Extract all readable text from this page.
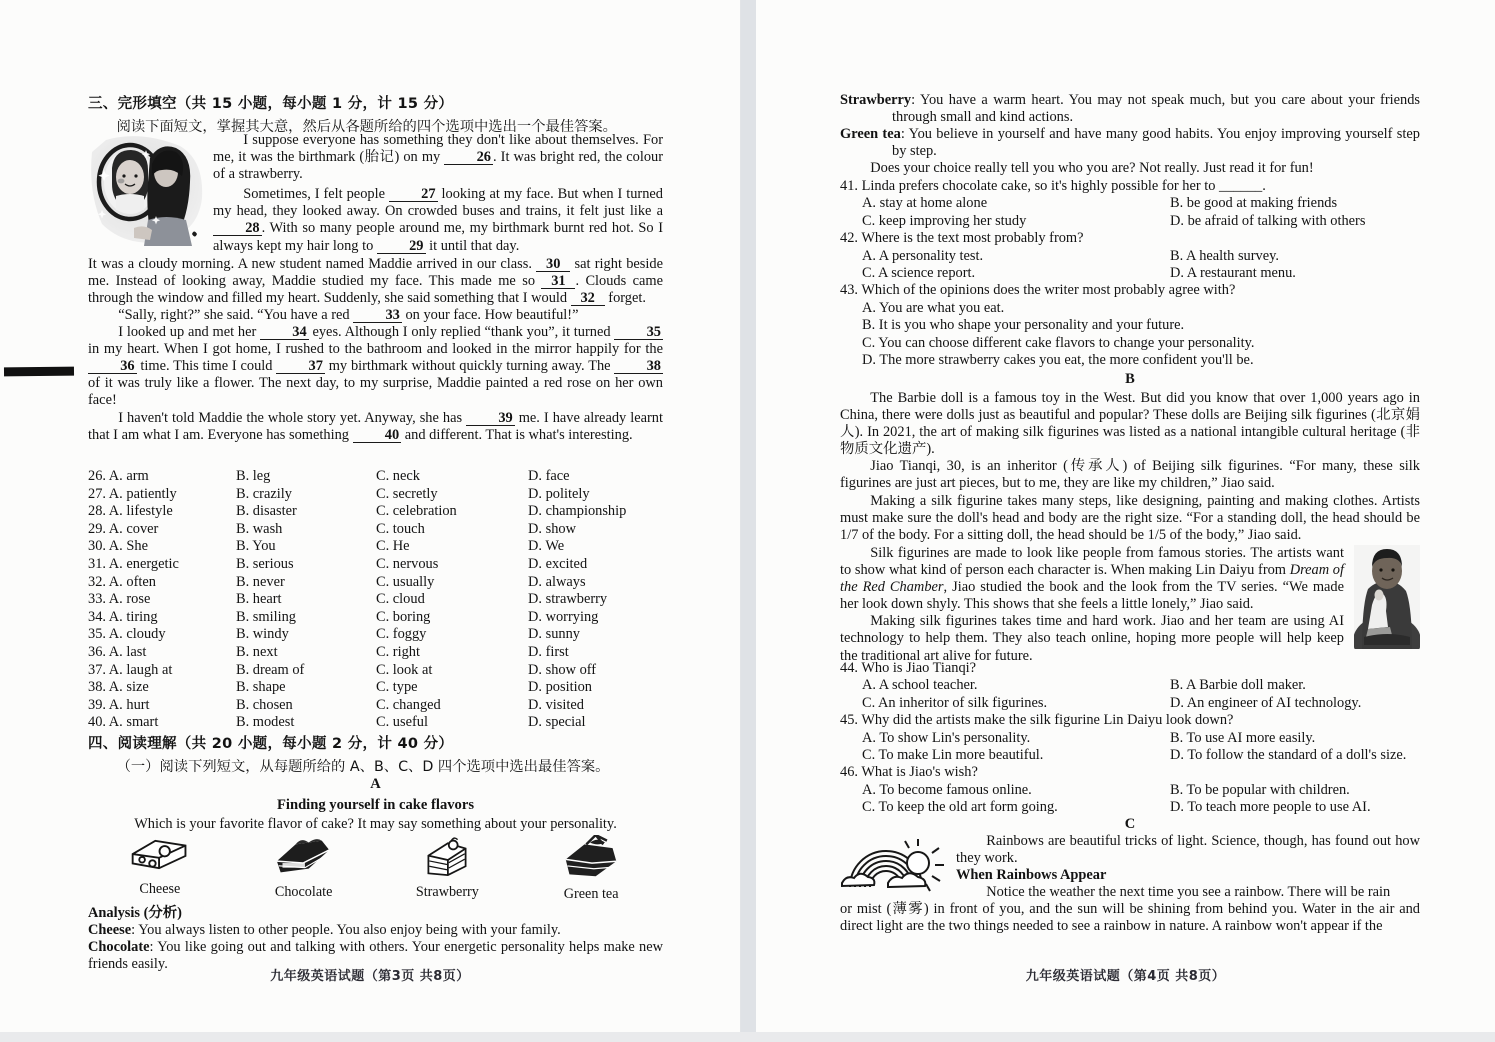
三、完形填空（共 15 小题，每小题 1 分，计 15 分）

阅读下面短文，掌握其大意，然后从各题所给的四个选项中选出一个最佳答案。

I suppose everyone has something they don't like about themselves. For me, it was the birthmark (胎记) on my 26 . It was bright red, the colour of a strawberry.

Sometimes, I felt people 27 looking at my face. But when I turned my head, they looked away. On crowded buses and trains, it felt just like a 28 . With so many people around me, my birthmark burnt red hot. So I always kept my hair long to 29 it until that day.

It was a cloudy morning. A new student named Maddie arrived in our class. 30 sat right beside me. Instead of looking away, Maddie studied my face. This made me so 31 . Clouds came through the window and filled my heart. Suddenly, she said something that I would 32 forget.

“Sally, right?” she said. “You have a red 33 on your face. How beautiful!”

I looked up and met her 34 eyes. Although I only replied “thank you”, it turned 35 in my heart. When I got home, I rushed to the bathroom and looked in the mirror happily for the 36 time. This time I could 37 my birthmark without quickly turning away. The 38 of it was truly like a flower. The next day, to my surprise, Maddie painted a red rose on her own face!

I haven't told Maddie the whole story yet. Anyway, she has 39 me. I have already learnt that I am what I am. Everyone has something 40 and different. That is what's interesting.

26. A. arm	B. leg	C. neck	D. face
27. A. patiently	B. crazily	C. secretly	D. politely
28. A. lifestyle	B. disaster	C. celebration	D. championship
29. A. cover	B. wash	C. touch	D. show
30. A. She	B. You	C. He	D. We
31. A. energetic	B. serious	C. nervous	D. excited
32. A. often	B. never	C. usually	D. always
33. A. rose	B. heart	C. cloud	D. strawberry
34. A. tiring	B. smiling	C. boring	D. worrying
35. A. cloudy	B. windy	C. foggy	D. sunny
36. A. last	B. next	C. right	D. first
37. A. laugh at	B. dream of	C. look at	D. show off
38. A. size	B. shape	C. type	D. position
39. A. hurt	B. chosen	C. changed	D. visited
40. A. smart	B. modest	C. useful	D. special

四、阅读理解（共 20 小题，每小题 2 分，计 40 分）

（一）阅读下列短文，从每题所给的 A、B、C、D 四个选项中选出最佳答案。

A

Finding yourself in cake flavors

Which is your favorite flavor of cake? It may say something about your personality.

Cheese	Chocolate	Strawberry	Green tea

Analysis (分析)

Cheese: You always listen to other people. You also enjoy being with your family.

Chocolate: You like going out and talking with others. Your energetic personality helps make new friends easily.

九年级英语试题（第3页 共8页）

Strawberry: You have a warm heart. You may not speak much, but you care about your friends through small and kind actions.

Green tea: You believe in yourself and have many good habits. You enjoy improving yourself step by step.

Does your choice really tell you who you are? Not really. Just read it for fun!

41. Linda prefers chocolate cake, so it's highly possible for her to ______.

A. stay at home alone	B. be good at making friends
C. keep improving her study	D. be afraid of talking with others

42. Where is the text most probably from?

A. A personality test.	B. A health survey.
C. A science report.	D. A restaurant menu.

43. Which of the opinions does the writer most probably agree with?

A. You are what you eat.
B. It is you who shape your personality and your future.
C. You can choose different cake flavors to change your personality.
D. The more strawberry cakes you eat, the more confident you'll be.

B

The Barbie doll is a famous toy in the West. But did you know that over 1,000 years ago in China, there were dolls just as beautiful and popular? These dolls are Beijing silk figurines (北京娟人). In 2021, the art of making silk figurines was listed as a national intangible cultural heritage (非物质文化遗产).

Jiao Tianqi, 30, is an inheritor (传承人) of Beijing silk figurines. “For many, these silk figurines are just art pieces, but to me, they are like my children,” Jiao said.

Making a silk figurine takes many steps, like designing, painting and making clothes. Artists must make sure the doll's head and body are the right size. “For a standing doll, the head should be 1/7 of the body. For a sitting doll, the head should be 1/5 of the body,” Jiao said.

Silk figurines are made to look like people from famous stories. The artists want to show what kind of person each character is. When making Lin Daiyu from Dream of the Red Chamber, Jiao studied the book and the look from the TV series. “We made her look down shyly. This shows that she feels a little lonely,” Jiao said.

Making silk figurines takes time and hard work. Jiao and her team are using AI technology to help them. They also teach online, hoping more people will help keep the traditional art alive for future.

44. Who is Jiao Tianqi?

A. A school teacher.	B. A Barbie doll maker.
C. An inheritor of silk figurines.	D. An engineer of AI technology.

45. Why did the artists make the silk figurine Lin Daiyu look down?

A. To show Lin's personality.	B. To use AI more easily.
C. To make Lin more beautiful.	D. To follow the standard of a doll's size.

46. What is Jiao's wish?

A. To become famous online.	B. To be popular with children.
C. To keep the old art form going.	D. To teach more people to use AI.

C

Rainbows are beautiful tricks of light. Science, though, has found out how they work.

When Rainbows Appear

Notice the weather the next time you see a rainbow. There will be rain

or mist (薄雾) in front of you, and the sun will be shining from behind you. Water in the air and direct light are the two things needed to see a rainbow in nature. A rainbow won't appear if the

九年级英语试题（第4页 共8页）
